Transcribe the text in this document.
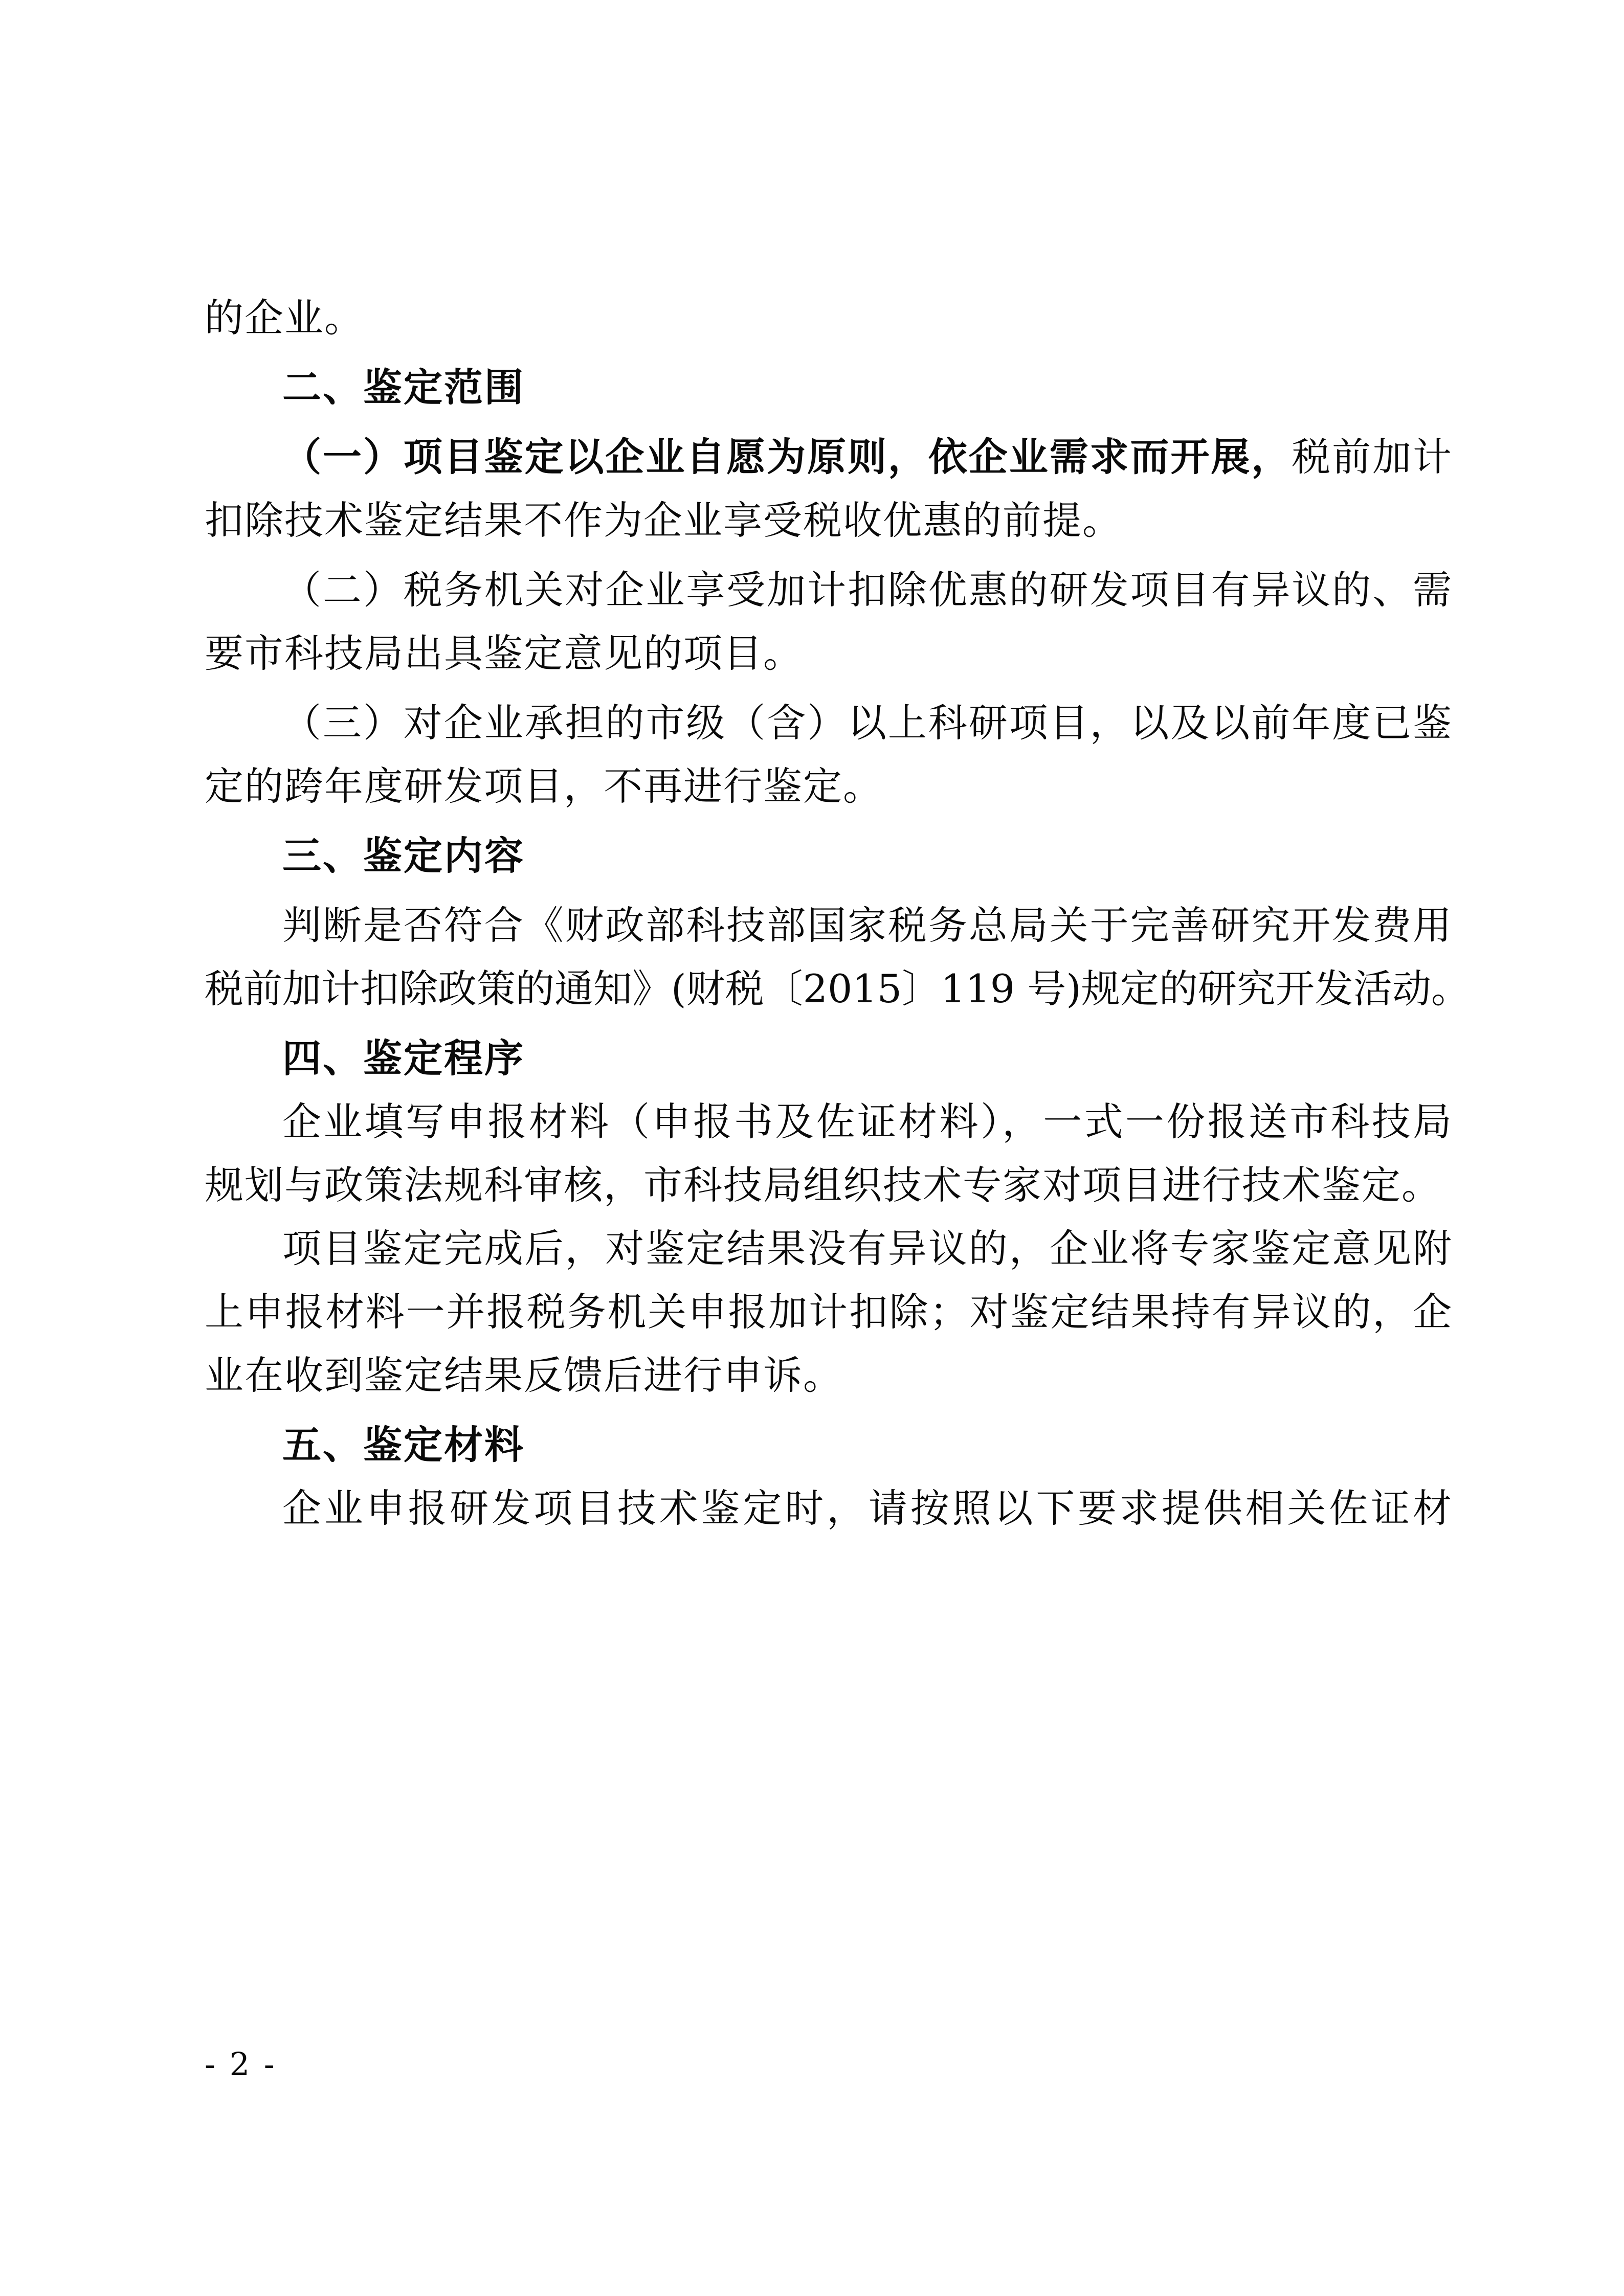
的企业。
二、鉴定范围
（一）项目鉴定以企业自愿为原则，依企业需求而开展，税前加计
扣除技术鉴定结果不作为企业享受税收优惠的前提。
（二）税务机关对企业享受加计扣除优惠的研发项目有异议的、需
要市科技局出具鉴定意见的项目。
（三）对企业承担的市级（含）以上科研项目，以及以前年度已鉴
定的跨年度研发项目，不再进行鉴定。
三、鉴定内容
判断是否符合《财政部科技部国家税务总局关于完善研究开发费用
税前加计扣除政策的通知》(财税〔2015〕119 号)规定的研究开发活动。
四、鉴定程序
企业填写申报材料（申报书及佐证材料），一式一份报送市科技局
规划与政策法规科审核，市科技局组织技术专家对项目进行技术鉴定。
项目鉴定完成后，对鉴定结果没有异议的，企业将专家鉴定意见附
上申报材料一并报税务机关申报加计扣除；对鉴定结果持有异议的，企
业在收到鉴定结果反馈后进行申诉。
五、鉴定材料
企业申报研发项目技术鉴定时，请按照以下要求提供相关佐证材
- 2 -
